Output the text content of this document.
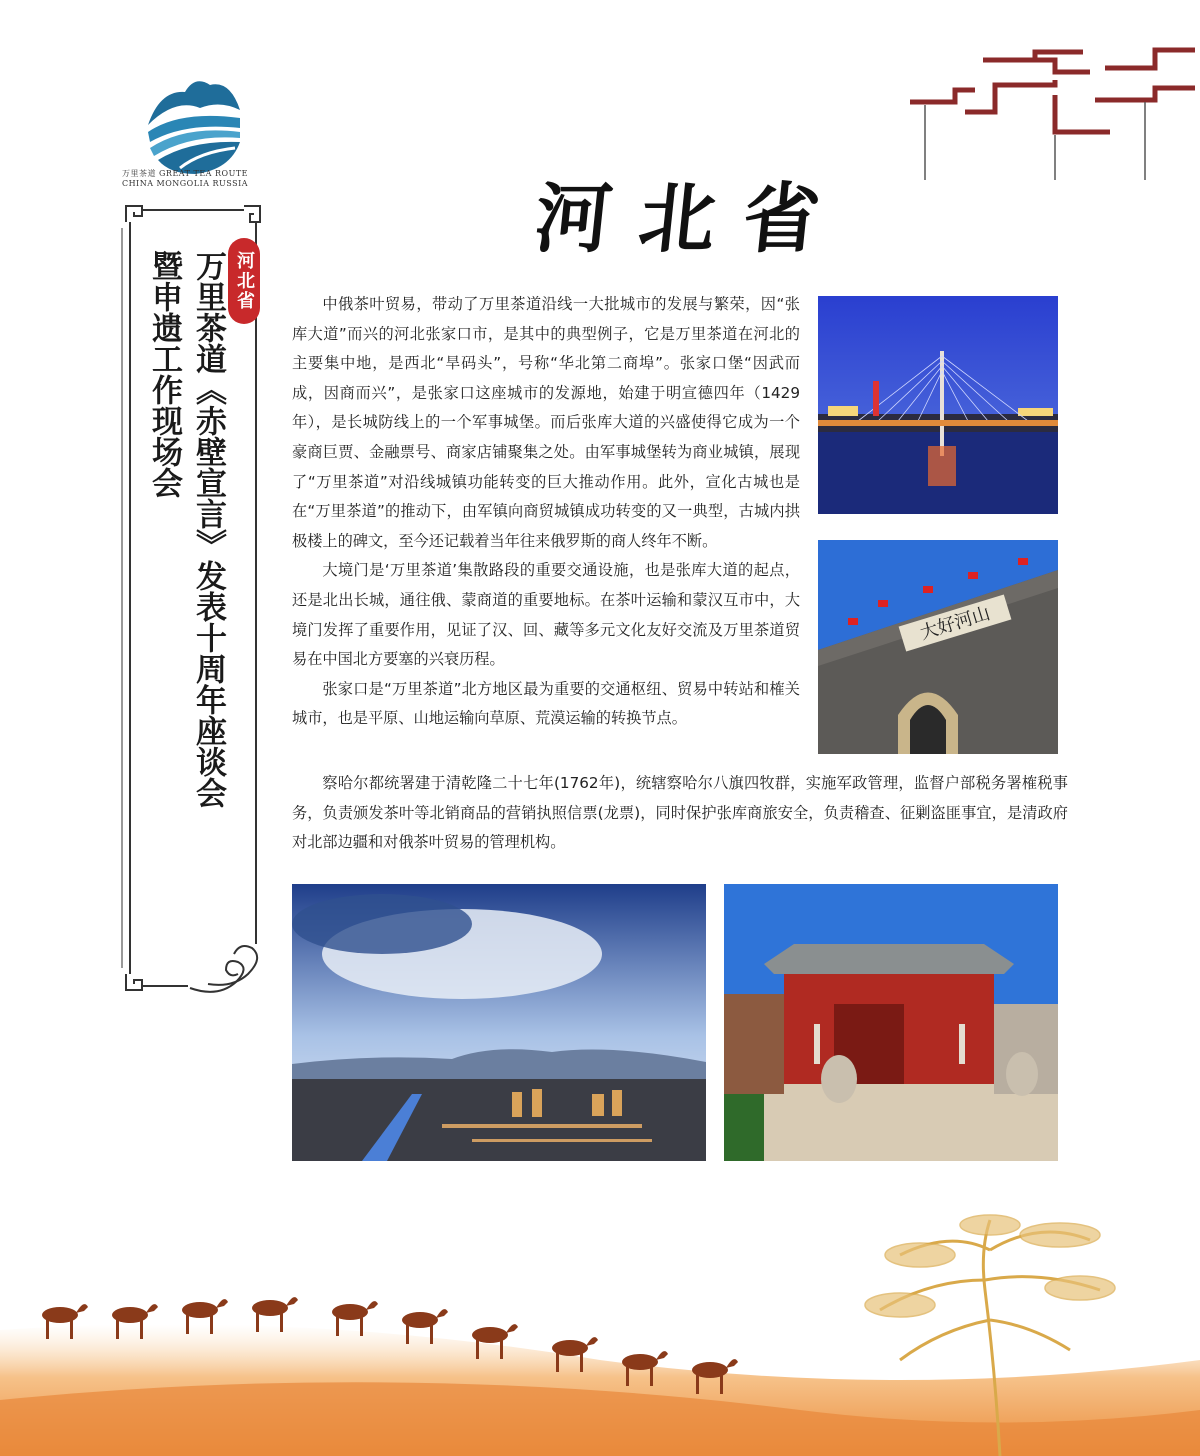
万里茶道 GREAT TEA ROUTE CHINA MONGOLIA RUSSIA
河北省
万里茶道《赤壁宣言》发表十周年座谈会
暨申遗工作现场会
河北省

中俄茶叶贸易，带动了万里茶道沿线一大批城市的发展与繁荣，因“张库大道”而兴的河北张家口市，是其中的典型例子，它是万里茶道在河北的主要集中地，是西北“旱码头”，号称“华北第二商埠”。张家口堡“因武而成，因商而兴”，是张家口这座城市的发源地，始建于明宣德四年（1429年），是长城防线上的一个军事城堡。而后张库大道的兴盛使得它成为一个豪商巨贾、金融票号、商家店铺聚集之处。由军事城堡转为商业城镇，展现了“万里茶道”对沿线城镇功能转变的巨大推动作用。此外，宣化古城也是在“万里茶道”的推动下，由军镇向商贸城镇成功转变的又一典型，古城内拱极楼上的碑文，至今还记载着当年往来俄罗斯的商人终年不断。

大境门是‘万里茶道’集散路段的重要交通设施，也是张库大道的起点，还是北出长城，通往俄、蒙商道的重要地标。在茶叶运输和蒙汉互市中，大境门发挥了重要作用，见证了汉、回、藏等多元文化友好交流及万里茶道贸易在中国北方要塞的兴衰历程。

张家口是“万里茶道”北方地区最为重要的交通枢纽、贸易中转站和榷关城市，也是平原、山地运输向草原、荒漠运输的转换节点。

察哈尔都统署建于清乾隆二十七年(1762年)，统辖察哈尔八旗四牧群，实施军政管理，监督户部税务署榷税事务，负责颁发茶叶等北销商品的营销执照信票(龙票)，同时保护张库商旅安全，负责稽查、征剿盗匪事宜，是清政府对北部边疆和对俄茶叶贸易的管理机构。

大好河山
